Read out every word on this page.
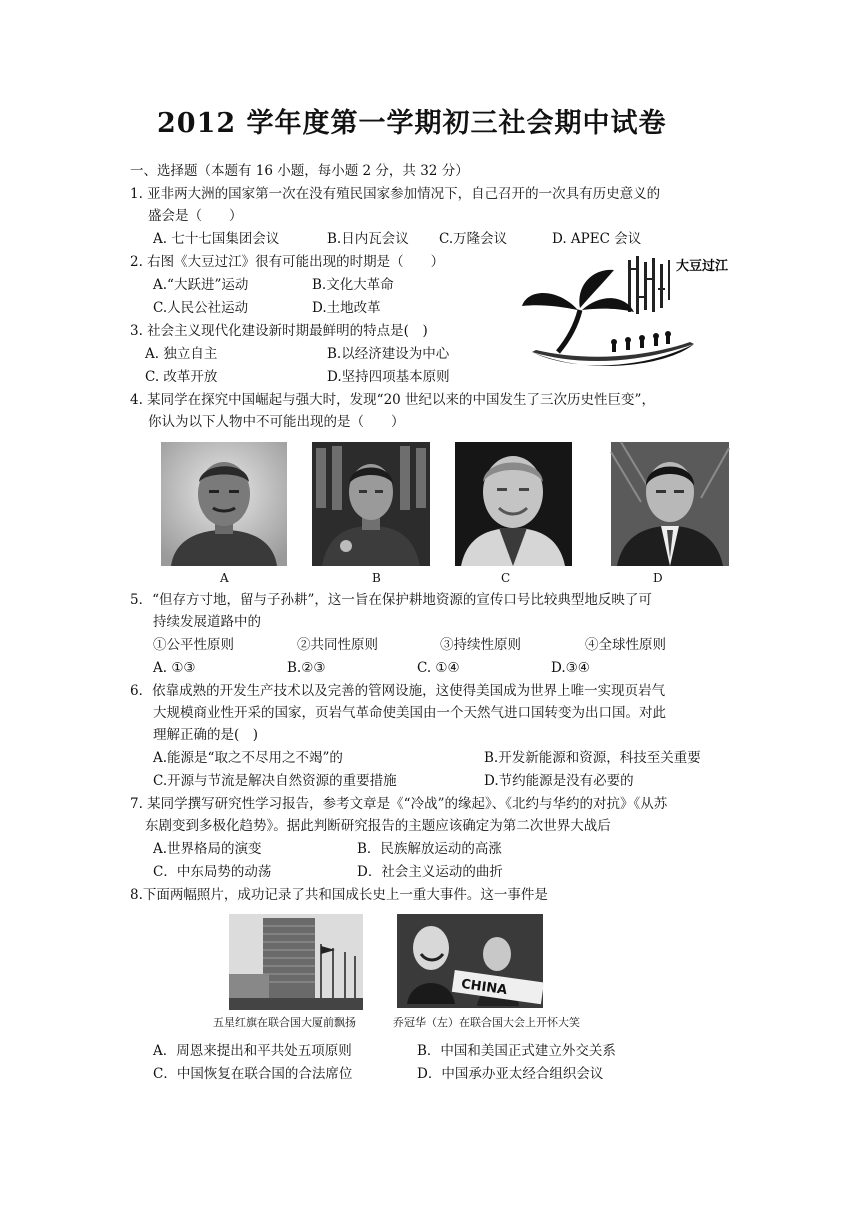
2012 学年度第一学期初三社会期中试卷
一、选择题（本题有 16 小题，每小题 2 分，共 32 分）
1. 亚非两大洲的国家第一次在没有殖民国家参加情况下，自己召开的一次具有历史意义的
盛会是（　　）
A. 七十七国集团会议	B.日内瓦会议 C.万隆会议	D. APEC 会议
2. 右图《大豆过江》很有可能出现的时期是（　　）
A.“大跃进”运动	B.文化大革命
C.人民公社运动	D.土地改革
大豆过江
3. 社会主义现代化建设新时期最鲜明的特点是(　)
A. 独立自主	B.以经济建设为中心
C. 改革开放	D.坚持四项基本原则
4. 某同学在探究中国崛起与强大时，发现“20 世纪以来的中国发生了三次历史性巨变”，
你认为以下人物中不可能出现的是（　　）
A	B	C	D
5．“但存方寸地，留与子孙耕”，这一旨在保护耕地资源的宣传口号比较典型地反映了可
持续发展道路中的
①公平性原则	②共同性原则	③持续性原则	④全球性原则
A. ①③	B.②③	C. ①④	D.③④
6．依靠成熟的开发生产技术以及完善的管网设施，这使得美国成为世界上唯一实现页岩气
大规模商业性开采的国家，页岩气革命使美国由一个天然气进口国转变为出口国。对此
理解正确的是(　)
A.能源是“取之不尽用之不竭”的	B.开发新能源和资源，科技至关重要
C.开源与节流是解决自然资源的重要措施	D.节约能源是没有必要的
7. 某同学撰写研究性学习报告，参考文章是《“冷战”的缘起》、《北约与华约的对抗》《从苏
东剧变到多极化趋势》。据此判断研究报告的主题应该确定为第二次世界大战后
A.世界格局的演变	B．民族解放运动的高涨
C．中东局势的动荡	D．社会主义运动的曲折
8.下面两幅照片，成功记录了共和国成长史上一重大事件。这一事件是
CHINA
五星红旗在联合国大厦前飘扬	乔冠华（左）在联合国大会上开怀大笑
A．周恩来提出和平共处五项原则	B．中国和美国正式建立外交关系
C．中国恢复在联合国的合法席位	D．中国承办亚太经合组织会议
